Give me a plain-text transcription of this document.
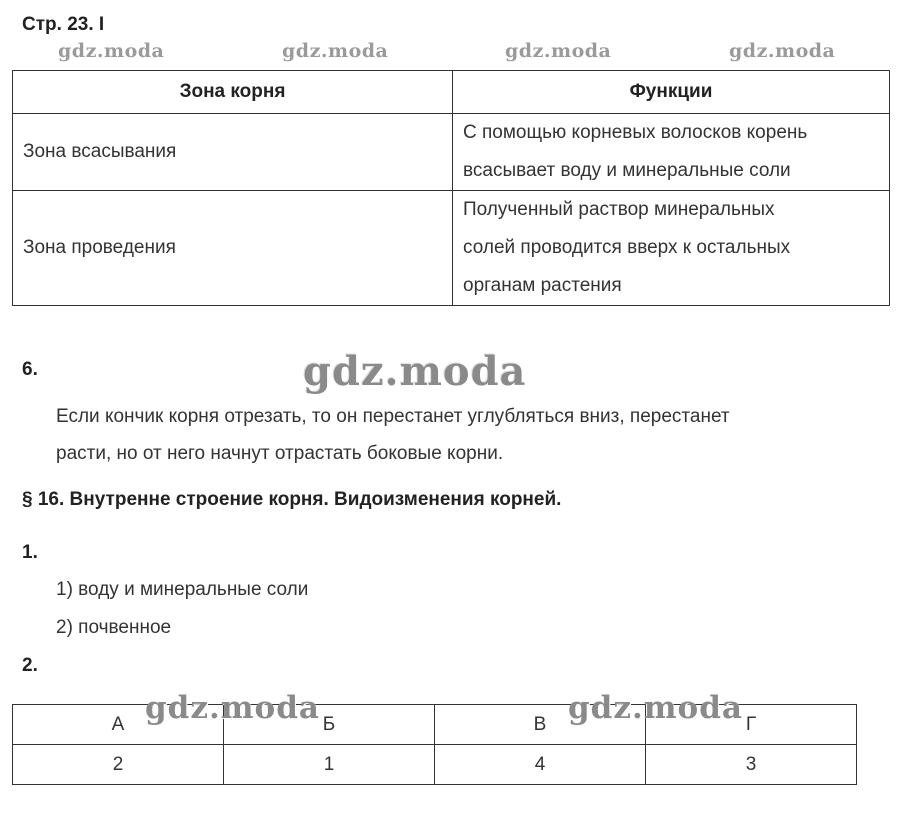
Стр. 23. I
gdz.moda	gdz.moda	gdz.moda	gdz.moda
Зона корня	Функции
Зона всасывания	С помощью корневых волосков корень
всасывает воду и минеральные соли

Зона проведения	Полученный раствор минеральных
солей проводится вверх к остальных
органам растения
6.	gdz.moda
Если кончик корня отрезать, то он перестанет углубляться вниз, перестанет
расти, но от него начнут отрастать боковые корни.
§ 16. Внутренне строение корня. Видоизменения корней.
1.
1) воду и минеральные соли
2) почвенное
2.
А	Б	В	Г
2	1	4	3
gdz.moda	gdz.moda
